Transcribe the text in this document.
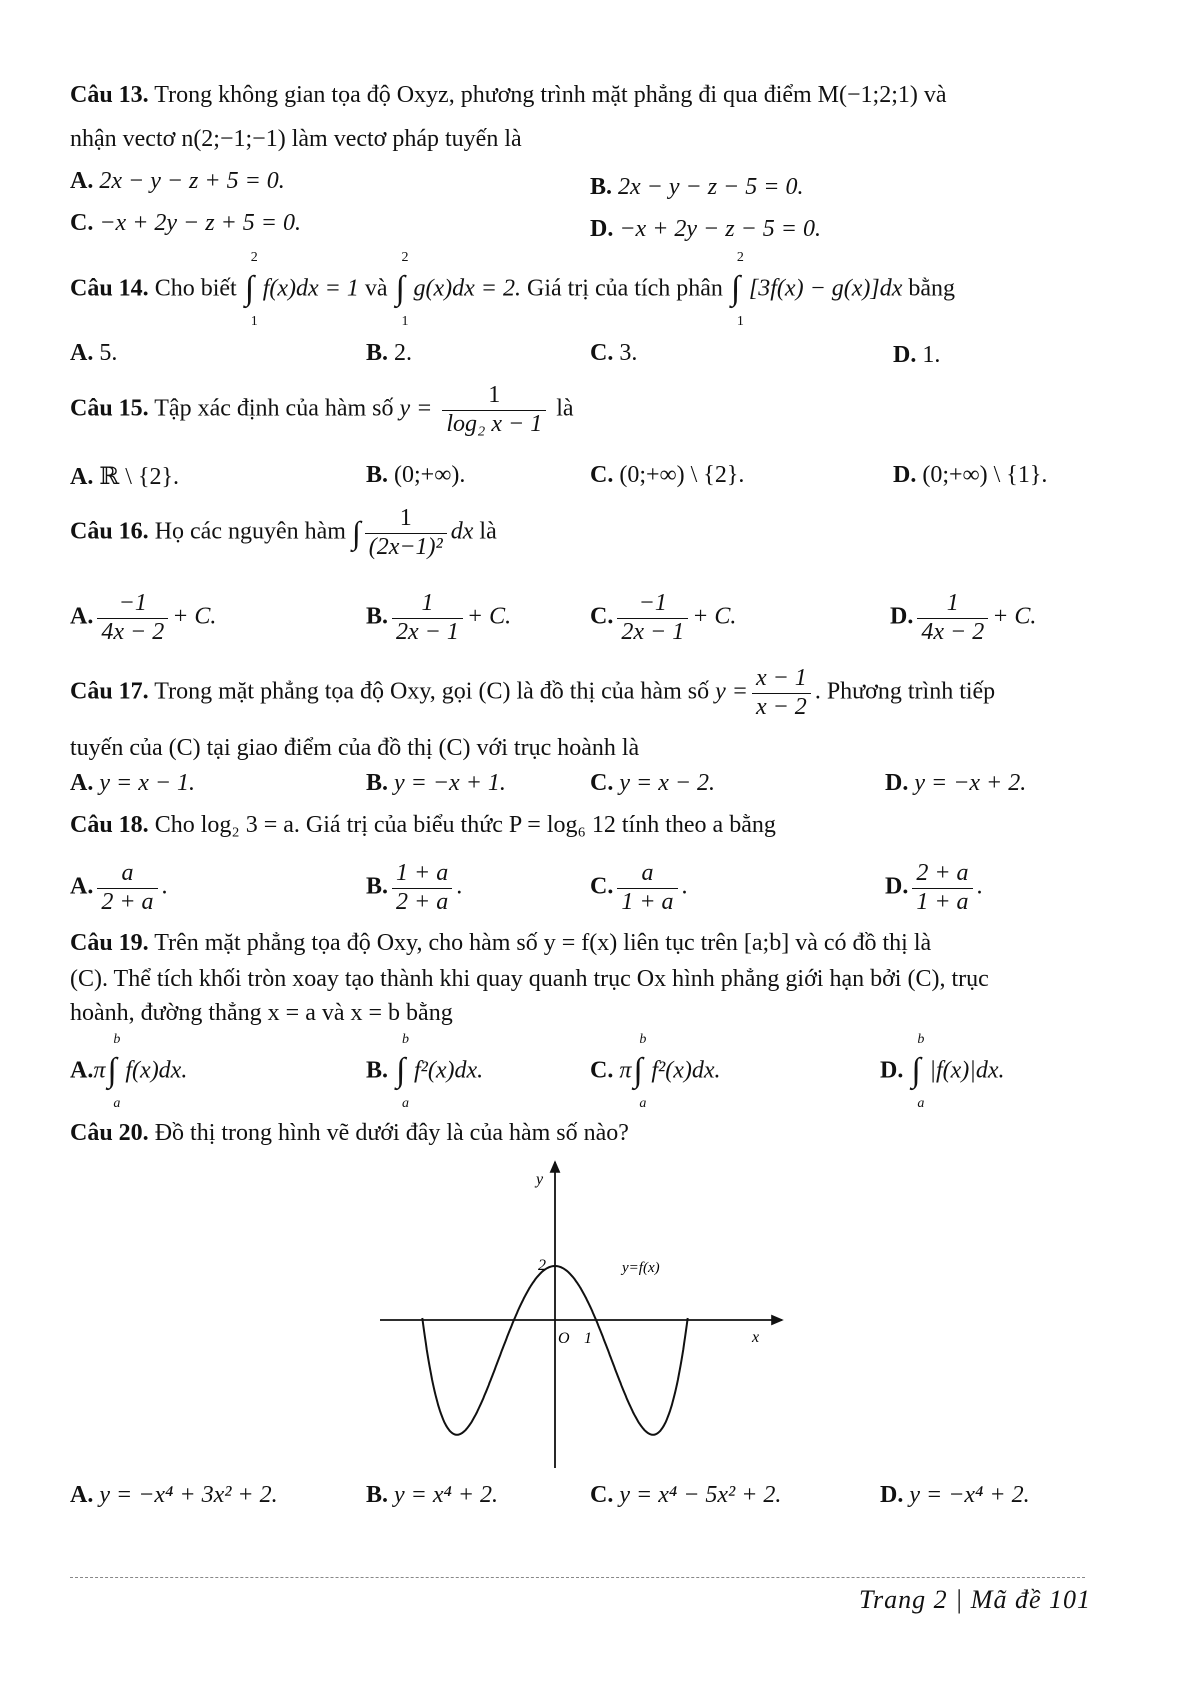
Câu 13. Trong không gian tọa độ Oxyz, phương trình mặt phẳng đi qua điểm M(−1;2;1) và
nhận vectơ n(2;−1;−1) làm vectơ pháp tuyến là
A. 2x − y − z + 5 = 0.	B. 2x − y − z − 5 = 0.
C. −x + 2y − z + 5 = 0.	D. −x + 2y − z − 5 = 0.
Câu 14. Cho biết ∫
2
1
f(x)dx = 1 và ∫
2
1
g(x)dx = 2. Giá trị của tích phân ∫
2
1
[3f(x) − g(x)]dx bằng
A. 5.	B. 2.	C. 3.	D. 1.
Câu 15. Tập xác định của hàm số $y = \frac{1}{\text{log₂ x − 1}}$ là
A. ℝ \ {2}.	B. (0;+∞).	C. (0;+∞) \ {2}.	D. (0;+∞) \ {1}.
Câu 16. Họ các nguyên hàm ∫ $\frac{1}{\text{(2x−1)²}}$ dx là
A. $\frac{-1}{4x - 2} + C$.	B. $\frac{1}{2x - 1} + C$.	C. $\frac{-1}{2x - 1} + C$.	D. $\frac{1}{4x - 2} + C$.
Câu 17. Trong mặt phẳng tọa độ Oxy, gọi (C) là đồ thị của hàm số $y = \frac{x - 1}{x - 2}$ . Phương trình tiếp
tuyến của (C) tại giao điểm của đồ thị (C) với trục hoành là
A. y = x − 1.	B. y = −x + 1.	C. y = x − 2.	D. y = −x + 2.
Câu 18. Cho log₂ 3 = a. Giá trị của biểu thức P = log₆ 12 tính theo a bằng
A. $\frac{a}{2 + a}$ .	B. $\frac{1 + a}{2 + a}$ .	C. $\frac{a}{1 + a}$ .	D. $\frac{2 + a}{1 + a}$ .
Câu 19. Trên mặt phẳng tọa độ Oxy, cho hàm số y = f(x) liên tục trên [a;b] và có đồ thị là
(C). Thể tích khối tròn xoay tạo thành khi quay quanh trục Ox hình phẳng giới hạn bởi (C), trục
hoành, đường thẳng x = a và x = b bằng
A.π ∫
b
a
f(x)dx.	B. ∫
b
a
f²(x)dx.	C. π ∫
b
a
f²(x)dx.	D. ∫
b
a
|f(x)|dx.
Câu 20. Đồ thị trong hình vẽ dưới đây là của hàm số nào?
y
x
O 1
2	y=f(x)
A. y = −x⁴ + 3x² + 2.	B. y = x⁴ + 2.	C. y = x⁴ − 5x² + 2.	D. y = −x⁴ + 2.
Trang 2 | Mã đề 101
